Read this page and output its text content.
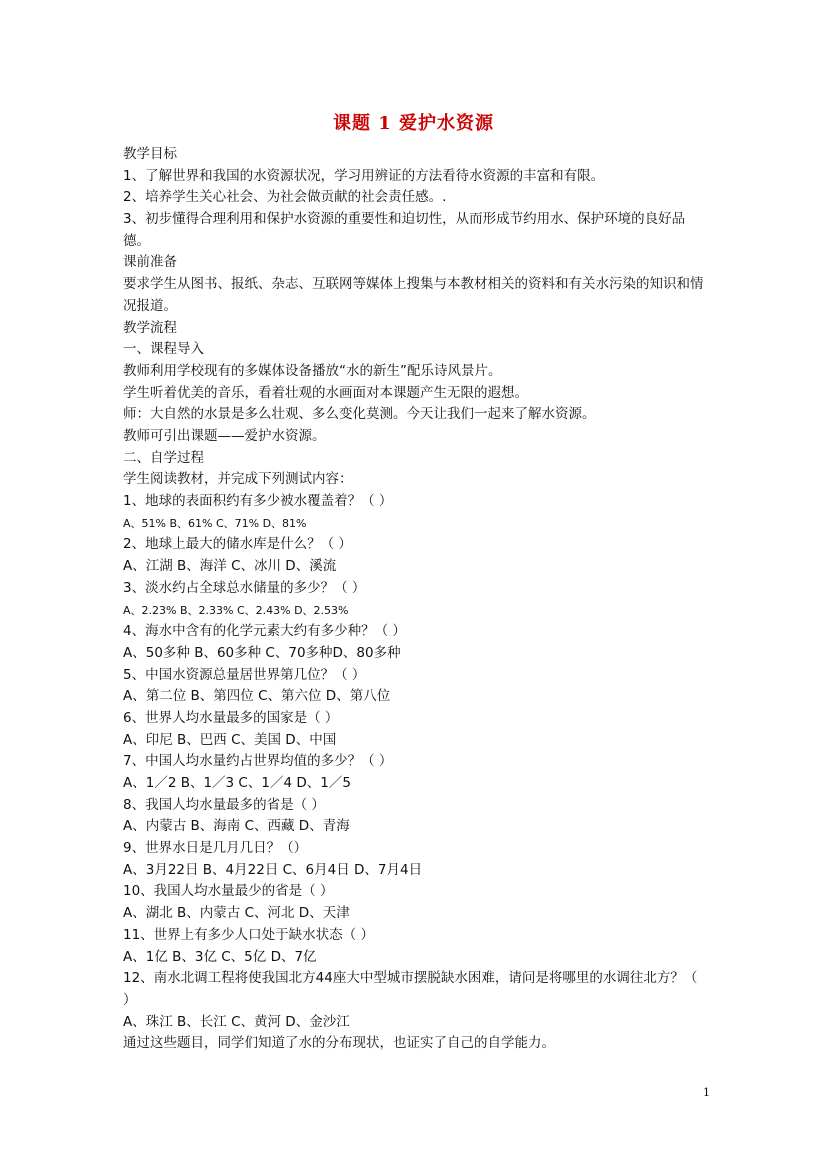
课题 1 爱护水资源
教学目标
1、了解世界和我国的水资源状况，学习用辨证的方法看待水资源的丰富和有限。
2、培养学生关心社会、为社会做贡献的社会责任感。.
3、初步懂得合理利用和保护水资源的重要性和迫切性，从而形成节约用水、保护环境的良好品德。
课前准备
要求学生从图书、报纸、杂志、互联网等媒体上搜集与本教材相关的资料和有关水污染的知识和情况报道。
教学流程
一、课程导入
教师利用学校现有的多媒体设备播放“水的新生”配乐诗风景片。
学生听着优美的音乐，看着壮观的水画面对本课题产生无限的遐想。
师：大自然的水景是多么壮观、多么变化莫测。今天让我们一起来了解水资源。
教师可引出课题——爱护水资源。
二、自学过程
学生阅读教材，并完成下列测试内容：
1、地球的表面积约有多少被水覆盖着？（ ）
A、51% B、61% C、71% D、81%
2、地球上最大的储水库是什么？（ ）
A、江湖 B、海洋 C、冰川 D、溪流
3、淡水约占全球总水储量的多少？（ ）
A、2.23% B、2.33% C、2.43% D、2.53%
4、海水中含有的化学元素大约有多少种？（ ）
A、50多种 B、60多种 C、70多种D、80多种
5、中国水资源总量居世界第几位？（ ）
A、第二位 B、第四位 C、第六位 D、第八位
6、世界人均水量最多的国家是（ ）
A、印尼 B、巴西 C、美国 D、中国
7、中国人均水量约占世界均值的多少？（ ）
A、1／2 B、1／3 C、1／4 D、1／5
8、我国人均水量最多的省是（ ）
A、内蒙古 B、海南 C、西藏 D、青海
9、世界水日是几月几日？（）
A、3月22日 B、4月22日 C、6月4日 D、7月4日
10、我国人均水量最少的省是（ ）
A、湖北 B、内蒙古 C、河北 D、天津
11、世界上有多少人口处于缺水状态（ ）
A、1亿 B、3亿 C、5亿 D、7亿
12、南水北调工程将使我国北方44座大中型城市摆脱缺水困难，请问是将哪里的水调往北方？（ ）
A、珠江 B、长江 C、黄河 D、金沙江
通过这些题目，同学们知道了水的分布现状，也证实了自己的自学能力。
1
